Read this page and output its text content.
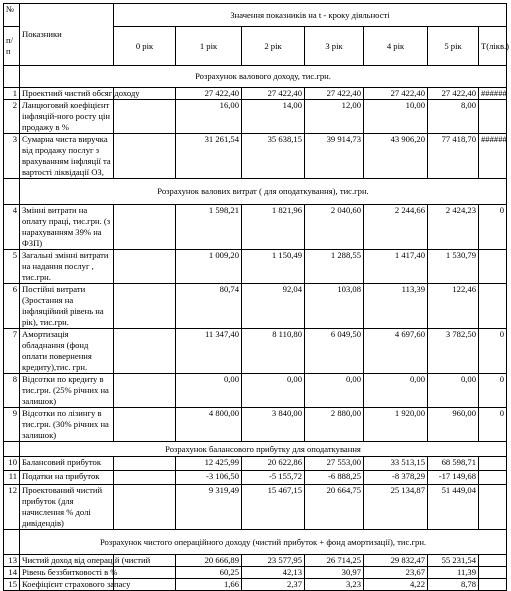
№	Показники	Значення показників на t - кроку діяльності						
п/п		0 рік	1 рік	2 рік	3 рік	4 рік	5 рік	T(лікв.)
	Розрахунок валового доходу, тис.грн.							
1	Проектний чистий обсяг доходу		27 422,40	27 422,40	27 422,40	27 422,40	27 422,40	######
2	Ланцюговий коефіцієнт інфляцій-ного росту цін продажу в %		16,00	14,00	12,00	10,00	8,00	
3	Сумарна чиста виручка від продажу послуг з врахуванням інфляції та вартості ліквідації ОЗ,		31 261,54	35 638,15	39 914,73	43 906,20	77 418,70	######
	Розрахунок валових витрат ( для оподаткування), тис.грн.							
4	Змінні витрати на оплату праці, тис.грн. (з нарахуванням 39% на ФЗП)		1 598,21	1 821,96	2 040,60	2 244,66	2 424,23	0
5	Загальні змінні витрати на надання послуг , тис.грн.		1 009,20	1 150,49	1 288,55	1 417,40	1 530,79	
6	Постійні витрати (Зростання на інфляційний рівень на рік), тис.грн.		80,74	92,04	103,08	113,39	122,46	
7	Амортизація обладнання (фонд оплати повернення кредиту),тис. грн.		11 347,40	8 110,80	6 049,50	4 697,60	3 782,50	0
8	Відсотки по кредиту в тис.грн. (25% річних на залишок)		0,00	0,00	0,00	0,00	0,00	0
9	Відсотки по лізингу в тис.грн. (30% річних на залишок)		4 800,00	3 840,00	2 880,00	1 920,00	960,00	0
	Розрахунок балансового прибутку для оподаткування							
10	Балансовий прибуток		12 425,99	20 622,86	27 553,00	33 513,15	68 598,71	
11	Податки на прибуток		-3 106,50	-5 155,72	-6 888,25	-8 378,29	-17 149,68	
12	Проектований чистий прибуток (для начислення % долі дивідендів)		9 319,49	15 467,15	20 664,75	25 134,87	51 449,04	
	Розрахунок чистого операційного доходу (чистий прибуток + фонд амортизації), тис.грн.							
13	Чистий доход від операцій (чистий		20 666,89	23 577,95	26 714,25	29 832,47	55 231,54	
14	Рівень беззбитковості в %		60,25	42,13	30,97	23,67	11,39	
15	Коефіцієнт страхового запасу		1,66	2,37	3,23	4,22	8,78	
